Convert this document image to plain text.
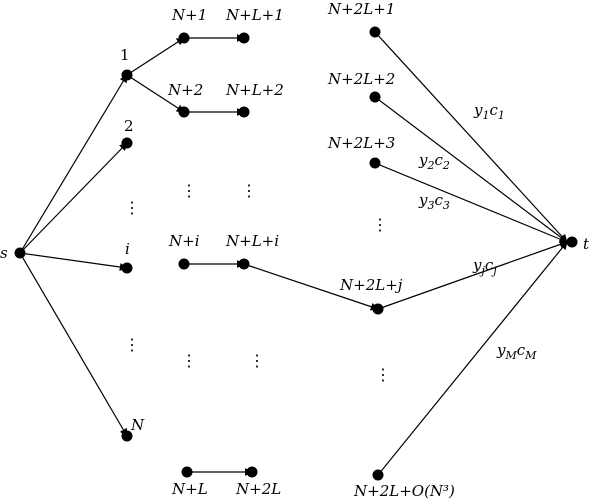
⋮
⋮
⋮	⋮
⋮	⋮
⋮
⋮
s	t
1
2
i
N
N+1
N+2
N+i
N+L
N+L+1
N+L+2
N+L+i
N+2L
N+2L+1
N+2L+2
N+2L+3
N+2L+j
N+2L+O(N³)
$y_1c_1$
$y_2c_2$
$y_3c_3$
$y_jc_j$
$y_Mc_M$
